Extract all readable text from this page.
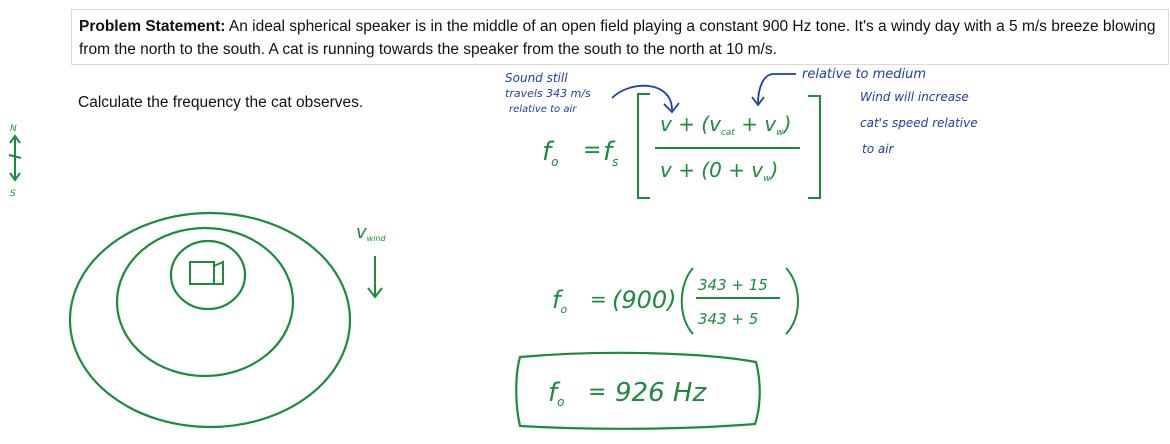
Problem Statement: An ideal spherical speaker is in the middle of an open field playing a constant 900 Hz tone. It's a windy day with a 5 m/s breeze blowing from the north to the south. A cat is running towards the speaker from the south to the north at 10 m/s.
Calculate the frequency the cat observes.
N
S
vwind
Sound still
travels 343 m/s
relative to air
relative to medium
Wind will increase
cat's speed relative
to air
$f_o = f_s$
$v + (v_{cat} + v_w)$
$v + (0 + v_w)$
$f_o = (900)$
343 + 15
343 + 5
fo = 926 Hz
